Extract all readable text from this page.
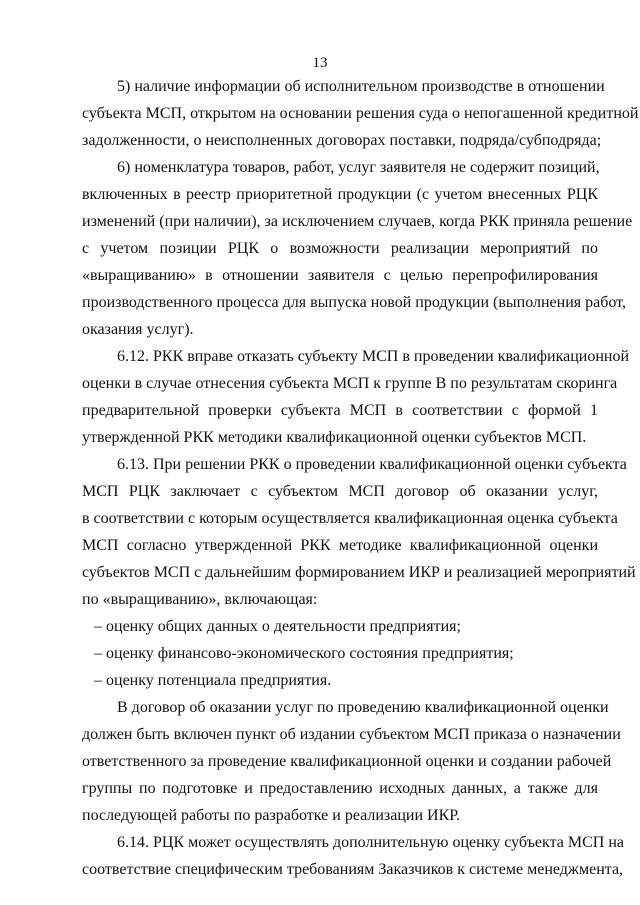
13
5) наличие информации об исполнительном производстве в отношении
субъекта МСП, открытом на основании решения суда о непогашенной кредитной
задолженности, о неисполненных договорах поставки, подряда/субподряда;
6) номенклатура товаров, работ, услуг заявителя не содержит позиций,
включенных в реестр приоритетной продукции (с учетом внесенных РЦК
изменений (при наличии), за исключением случаев, когда РКК приняла решение
с учетом позиции РЦК о возможности реализации мероприятий по
«выращиванию» в отношении заявителя с целью перепрофилирования
производственного процесса для выпуска новой продукции (выполнения работ,
оказания услуг).
6.12. РКК вправе отказать субъекту МСП в проведении квалификационной
оценки в случае отнесения субъекта МСП к группе В по результатам скоринга
предварительной проверки субъекта МСП в соответствии с формой 1
утвержденной РКК методики квалификационной оценки субъектов МСП.
6.13. При решении РКК о проведении квалификационной оценки субъекта
МСП РЦК заключает с субъектом МСП договор об оказании услуг,
в соответствии с которым осуществляется квалификационная оценка субъекта
МСП согласно утвержденной РКК методике квалификационной оценки
субъектов МСП с дальнейшим формированием ИКР и реализацией мероприятий
по «выращиванию», включающая:
– оценку общих данных о деятельности предприятия;
– оценку финансово-экономического состояния предприятия;
– оценку потенциала предприятия.
В договор об оказании услуг по проведению квалификационной оценки
должен быть включен пункт об издании субъектом МСП приказа о назначении
ответственного за проведение квалификационной оценки и создании рабочей
группы по подготовке и предоставлению исходных данных, а также для
последующей работы по разработке и реализации ИКР.
6.14. РЦК может осуществлять дополнительную оценку субъекта МСП на
соответствие специфическим требованиям Заказчиков к системе менеджмента,
